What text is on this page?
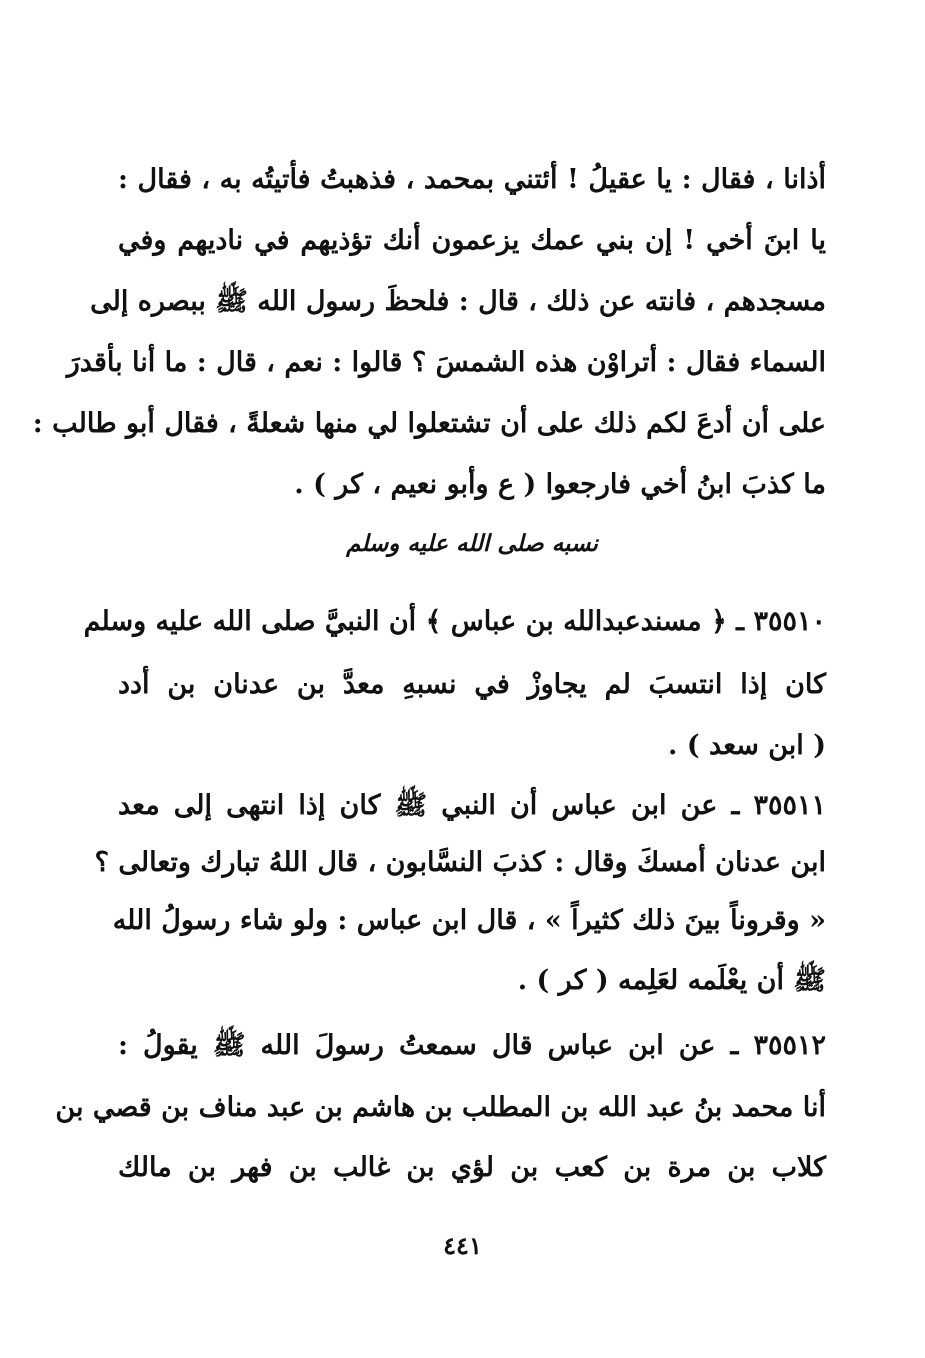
أذانا ، فقال : يا عقيلُ ! أئتني بمحمد ، فذهبتُ فأتيتُه به ، فقال :
يا ابنَ أخي ! إن بني عمك يزعمون أنك تؤذيهم في ناديهم وفي
مسجدهم ، فانته عن ذلك ، قال : فلحظَ رسول الله ﷺ ببصره إلى
السماء فقال : أتراوْن هذه الشمسَ ؟ قالوا : نعم ، قال : ما أنا بأقدرَ
على أن أدعَ لكم ذلك على أن تشتعلوا لي منها شعلةً ، فقال أبو طالب :
ما كذبَ ابنُ أخي فارجعوا ( ع وأبو نعيم ، كر ) .
نسبه صلى الله عليه وسلم
٣٥٥١٠ ـ ﴿ مسندعبدالله بن عباس ﴾ أن النبيَّ صلى الله عليه وسلم
كان إذا انتسبَ لم يجاوزْ في نسبهِ معدَّ بن عدنان بن أدد
( ابن سعد ) .
٣٥٥١١ ـ عن ابن عباس أن النبي ﷺ كان إذا انتهى إلى معد
ابن عدنان أمسكَ وقال : كذبَ النسَّابون ، قال اللهُ تبارك وتعالى ؟
« وقروناً بينَ ذلك كثيراً » ، قال ابن عباس : ولو شاء رسولُ الله
ﷺ أن يعْلَمه لعَلِمه ( كر ) .
٣٥٥١٢ ـ عن ابن عباس قال سمعتُ رسولَ الله ﷺ يقولُ :
أنا محمد بنُ عبد الله بن المطلب بن هاشم بن عبد مناف بن قصي بن
كلاب بن مرة بن كعب بن لؤي بن غالب بن فهر بن مالك
٤٤١
